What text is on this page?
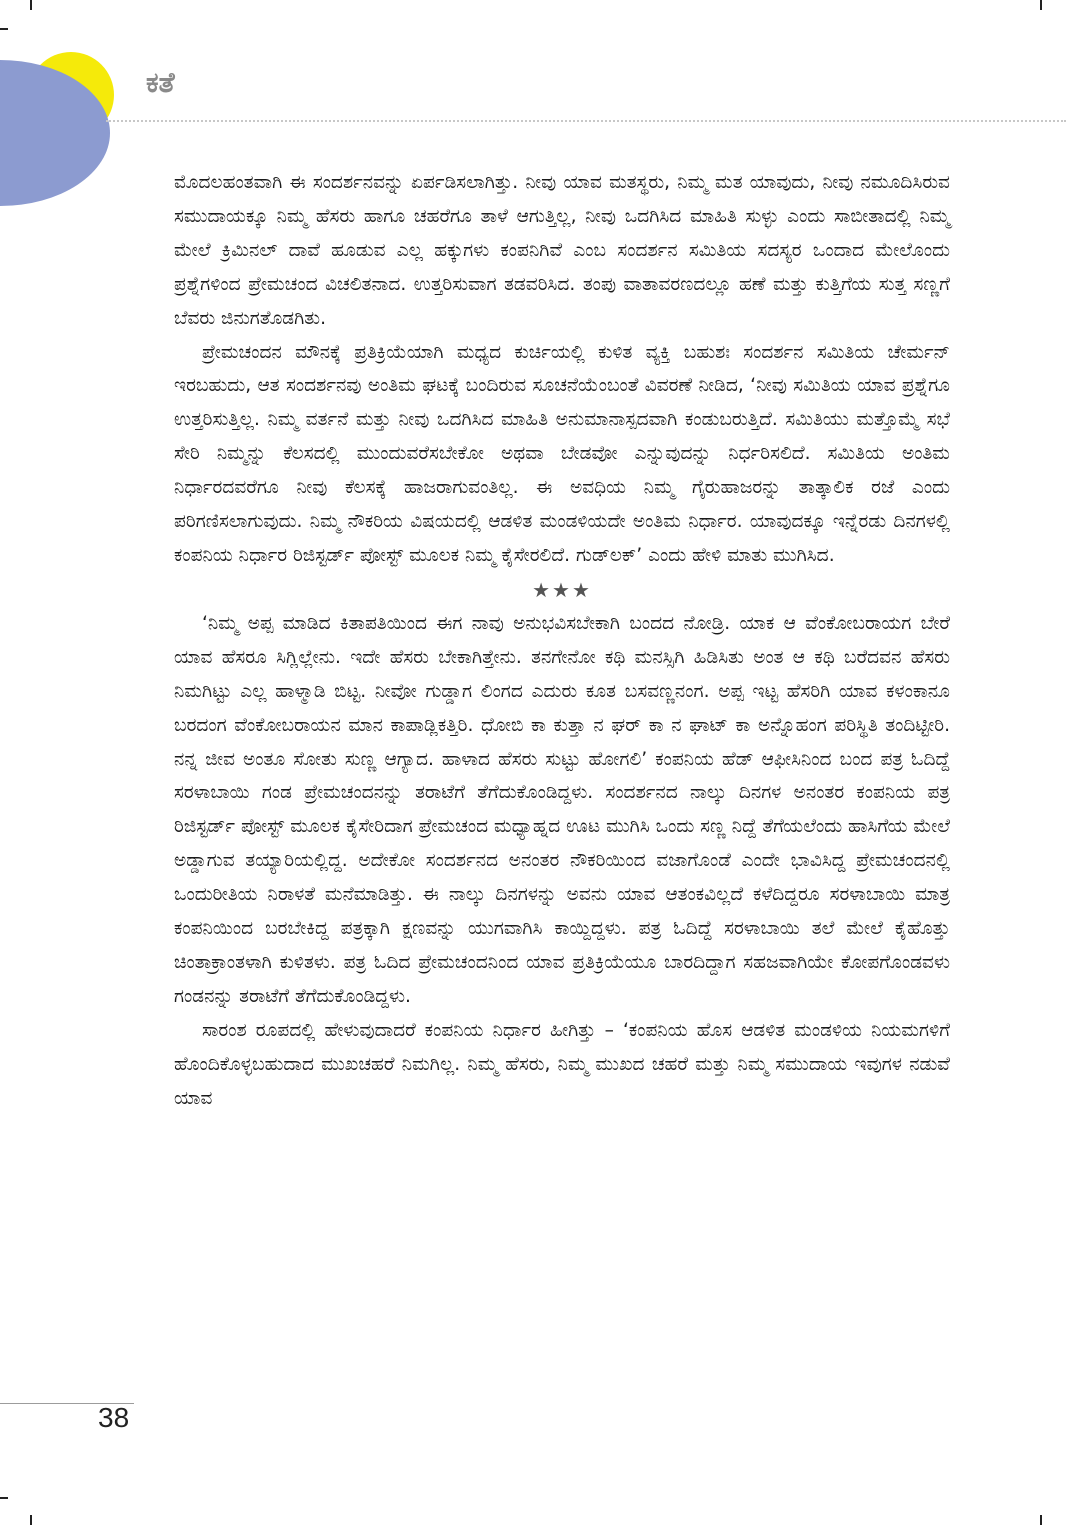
ಕತೆ

ಮೊದಲಹಂತವಾಗಿ ಈ ಸಂದರ್ಶನವನ್ನು ಏರ್ಪಡಿಸಲಾಗಿತ್ತು. ನೀವು ಯಾವ ಮತಸ್ಥರು, ನಿಮ್ಮ ಮತ ಯಾವುದು, ನೀವು ನಮೂದಿಸಿರುವ ಸಮುದಾಯಕ್ಕೂ ನಿಮ್ಮ ಹೆಸರು ಹಾಗೂ ಚಹರೆಗೂ ತಾಳೆ ಆಗುತ್ತಿಲ್ಲ, ನೀವು ಒದಗಿಸಿದ ಮಾಹಿತಿ ಸುಳ್ಳು ಎಂದು ಸಾಬೀತಾದಲ್ಲಿ ನಿಮ್ಮ ಮೇಲೆ ಕ್ರಿಮಿನಲ್ ದಾವೆ ಹೂಡುವ ಎಲ್ಲ ಹಕ್ಕುಗಳು ಕಂಪನಿಗಿವೆ ಎಂಬ ಸಂದರ್ಶನ ಸಮಿತಿಯ ಸದಸ್ಯರ ಒಂದಾದ ಮೇಲೊಂದು ಪ್ರಶ್ನೆಗಳಿಂದ ಪ್ರೇಮಚಂದ ವಿಚಲಿತನಾದ. ಉತ್ತರಿಸುವಾಗ ತಡವರಿಸಿದ. ತಂಪು ವಾತಾವರಣದಲ್ಲೂ ಹಣೆ ಮತ್ತು ಕುತ್ತಿಗೆಯ ಸುತ್ತ ಸಣ್ಣಗೆ ಬೆವರು ಜಿನುಗತೊಡಗಿತು.

ಪ್ರೇಮಚಂದನ ಮೌನಕ್ಕೆ ಪ್ರತಿಕ್ರಿಯೆಯಾಗಿ ಮಧ್ಯದ ಕುರ್ಚಿಯಲ್ಲಿ ಕುಳಿತ ವ್ಯಕ್ತಿ ಬಹುಶಃ ಸಂದರ್ಶನ ಸಮಿತಿಯ ಚೇರ್ಮನ್ ಇರಬಹುದು, ಆತ ಸಂದರ್ಶನವು ಅಂತಿಮ ಘಟಕ್ಕೆ ಬಂದಿರುವ ಸೂಚನೆಯೆಂಬಂತೆ ವಿವರಣೆ ನೀಡಿದ, ‘ನೀವು ಸಮಿತಿಯ ಯಾವ ಪ್ರಶ್ನೆಗೂ ಉತ್ತರಿಸುತ್ತಿಲ್ಲ. ನಿಮ್ಮ ವರ್ತನೆ ಮತ್ತು ನೀವು ಒದಗಿಸಿದ ಮಾಹಿತಿ ಅನುಮಾನಾಸ್ಪದವಾಗಿ ಕಂಡುಬರುತ್ತಿದೆ. ಸಮಿತಿಯು ಮತ್ತೊಮ್ಮೆ ಸಭೆ ಸೇರಿ ನಿಮ್ಮನ್ನು ಕೆಲಸದಲ್ಲಿ ಮುಂದುವರೆಸಬೇಕೋ ಅಥವಾ ಬೇಡವೋ ಎನ್ನುವುದನ್ನು ನಿರ್ಧರಿಸಲಿದೆ. ಸಮಿತಿಯ ಅಂತಿಮ ನಿರ್ಧಾರದವರೆಗೂ ನೀವು ಕೆಲಸಕ್ಕೆ ಹಾಜರಾಗುವಂತಿಲ್ಲ. ಈ ಅವಧಿಯ ನಿಮ್ಮ ಗೈರುಹಾಜರನ್ನು ತಾತ್ಕಾಲಿಕ ರಜೆ ಎಂದು ಪರಿಗಣಿಸಲಾಗುವುದು. ನಿಮ್ಮ ನೌಕರಿಯ ವಿಷಯದಲ್ಲಿ ಆಡಳಿತ ಮಂಡಳಿಯದೇ ಅಂತಿಮ ನಿರ್ಧಾರ. ಯಾವುದಕ್ಕೂ ಇನ್ನೆರಡು ದಿನಗಳಲ್ಲಿ ಕಂಪನಿಯ ನಿರ್ಧಾರ ರಿಜಿಸ್ಟರ್ಡ್ ಪೋಸ್ಟ್ ಮೂಲಕ ನಿಮ್ಮ ಕೈಸೇರಲಿದೆ. ಗುಡ್‌ಲಕ್’ ಎಂದು ಹೇಳಿ ಮಾತು ಮುಗಿಸಿದ.

★★★

‘ನಿಮ್ಮ ಅಪ್ಪ ಮಾಡಿದ ಕಿತಾಪತಿಯಿಂದ ಈಗ ನಾವು ಅನುಭವಿಸಬೇಕಾಗಿ ಬಂದದ ನೋಡ್ರಿ. ಯಾಕ ಆ ವೆಂಕೋಬರಾಯಗ ಬೇರೆ ಯಾವ ಹೆಸರೂ ಸಿಗ್ಲಿಲ್ಲೇನು. ಇದೇ ಹೆಸರು ಬೇಕಾಗಿತ್ತೇನು. ತನಗೇನೋ ಕಥಿ ಮನಸ್ಸಿಗಿ ಹಿಡಿಸಿತು ಅಂತ ಆ ಕಥಿ ಬರೆದವನ ಹೆಸರು ನಿಮಗಿಟ್ಟು ಎಲ್ಲ ಹಾಳ್ಮಾಡಿ ಬಿಟ್ಟ. ನೀವೋ ಗುಡ್ಡಾಗ ಲಿಂಗದ ಎದುರು ಕೂತ ಬಸವಣ್ಣನಂಗ. ಅಪ್ಪ ಇಟ್ಟ ಹೆಸರಿಗಿ ಯಾವ ಕಳಂಕಾನೂ ಬರದಂಗ ವೆಂಕೋಬರಾಯನ ಮಾನ ಕಾಪಾಡ್ಲಿಕತ್ತಿರಿ. ಧೋಬಿ ಕಾ ಕುತ್ತಾ ನ ಘರ್ ಕಾ ನ ಘಾಟ್ ಕಾ ಅನ್ನೊಹಂಗ ಪರಿಸ್ಥಿತಿ ತಂದಿಟ್ಟೀರಿ. ನನ್ನ ಜೀವ ಅಂತೂ ಸೋತು ಸುಣ್ಣ ಆಗ್ಯಾದ. ಹಾಳಾದ ಹೆಸರು ಸುಟ್ಟು ಹೋಗಲಿ’ ಕಂಪನಿಯ ಹೆಡ್ ಆಫೀಸಿನಿಂದ ಬಂದ ಪತ್ರ ಓದಿದ್ದೆ ಸರಳಾಬಾಯಿ ಗಂಡ ಪ್ರೇಮಚಂದನನ್ನು ತರಾಟೆಗೆ ತೆಗೆದುಕೊಂಡಿದ್ದಳು. ಸಂದರ್ಶನದ ನಾಲ್ಕು ದಿನಗಳ ಅನಂತರ ಕಂಪನಿಯ ಪತ್ರ ರಿಜಿಸ್ಟರ್ಡ್ ಪೋಸ್ಟ್ ಮೂಲಕ ಕೈಸೇರಿದಾಗ ಪ್ರೇಮಚಂದ ಮಧ್ಯಾಹ್ನದ ಊಟ ಮುಗಿಸಿ ಒಂದು ಸಣ್ಣ ನಿದ್ದೆ ತೆಗೆಯಲೆಂದು ಹಾಸಿಗೆಯ ಮೇಲೆ ಅಡ್ಡಾಗುವ ತಯ್ಯಾರಿಯಲ್ಲಿದ್ದ. ಅದೇಕೋ ಸಂದರ್ಶನದ ಅನಂತರ ನೌಕರಿಯಿಂದ ವಜಾಗೊಂಡೆ ಎಂದೇ ಭಾವಿಸಿದ್ದ ಪ್ರೇಮಚಂದನಲ್ಲಿ ಒಂದುರೀತಿಯ ನಿರಾಳತೆ ಮನೆಮಾಡಿತ್ತು. ಈ ನಾಲ್ಕು ದಿನಗಳನ್ನು ಅವನು ಯಾವ ಆತಂಕವಿಲ್ಲದೆ ಕಳೆದಿದ್ದರೂ ಸರಳಾಬಾಯಿ ಮಾತ್ರ ಕಂಪನಿಯಿಂದ ಬರಬೇಕಿದ್ದ ಪತ್ರಕ್ಕಾಗಿ ಕ್ಷಣವನ್ನು ಯುಗವಾಗಿಸಿ ಕಾಯ್ದಿದ್ದಳು. ಪತ್ರ ಓದಿದ್ದೆ ಸರಳಾಬಾಯಿ ತಲೆ ಮೇಲೆ ಕೈಹೊತ್ತು ಚಿಂತಾಕ್ರಾಂತಳಾಗಿ ಕುಳಿತಳು. ಪತ್ರ ಓದಿದ ಪ್ರೇಮಚಂದನಿಂದ ಯಾವ ಪ್ರತಿಕ್ರಿಯೆಯೂ ಬಾರದಿದ್ದಾಗ ಸಹಜವಾಗಿಯೇ ಕೋಪಗೊಂಡವಳು ಗಂಡನನ್ನು ತರಾಟೆಗೆ ತೆಗೆದುಕೊಂಡಿದ್ದಳು.

ಸಾರಂಶ ರೂಪದಲ್ಲಿ ಹೇಳುವುದಾದರೆ ಕಂಪನಿಯ ನಿರ್ಧಾರ ಹೀಗಿತ್ತು – ‘ಕಂಪನಿಯ ಹೊಸ ಆಡಳಿತ ಮಂಡಳಿಯ ನಿಯಮಗಳಿಗೆ ಹೊಂದಿಕೊಳ್ಳಬಹುದಾದ ಮುಖಚಹರೆ ನಿಮಗಿಲ್ಲ. ನಿಮ್ಮ ಹೆಸರು, ನಿಮ್ಮ ಮುಖದ ಚಹರೆ ಮತ್ತು ನಿಮ್ಮ ಸಮುದಾಯ ಇವುಗಳ ನಡುವೆ ಯಾವ

38
